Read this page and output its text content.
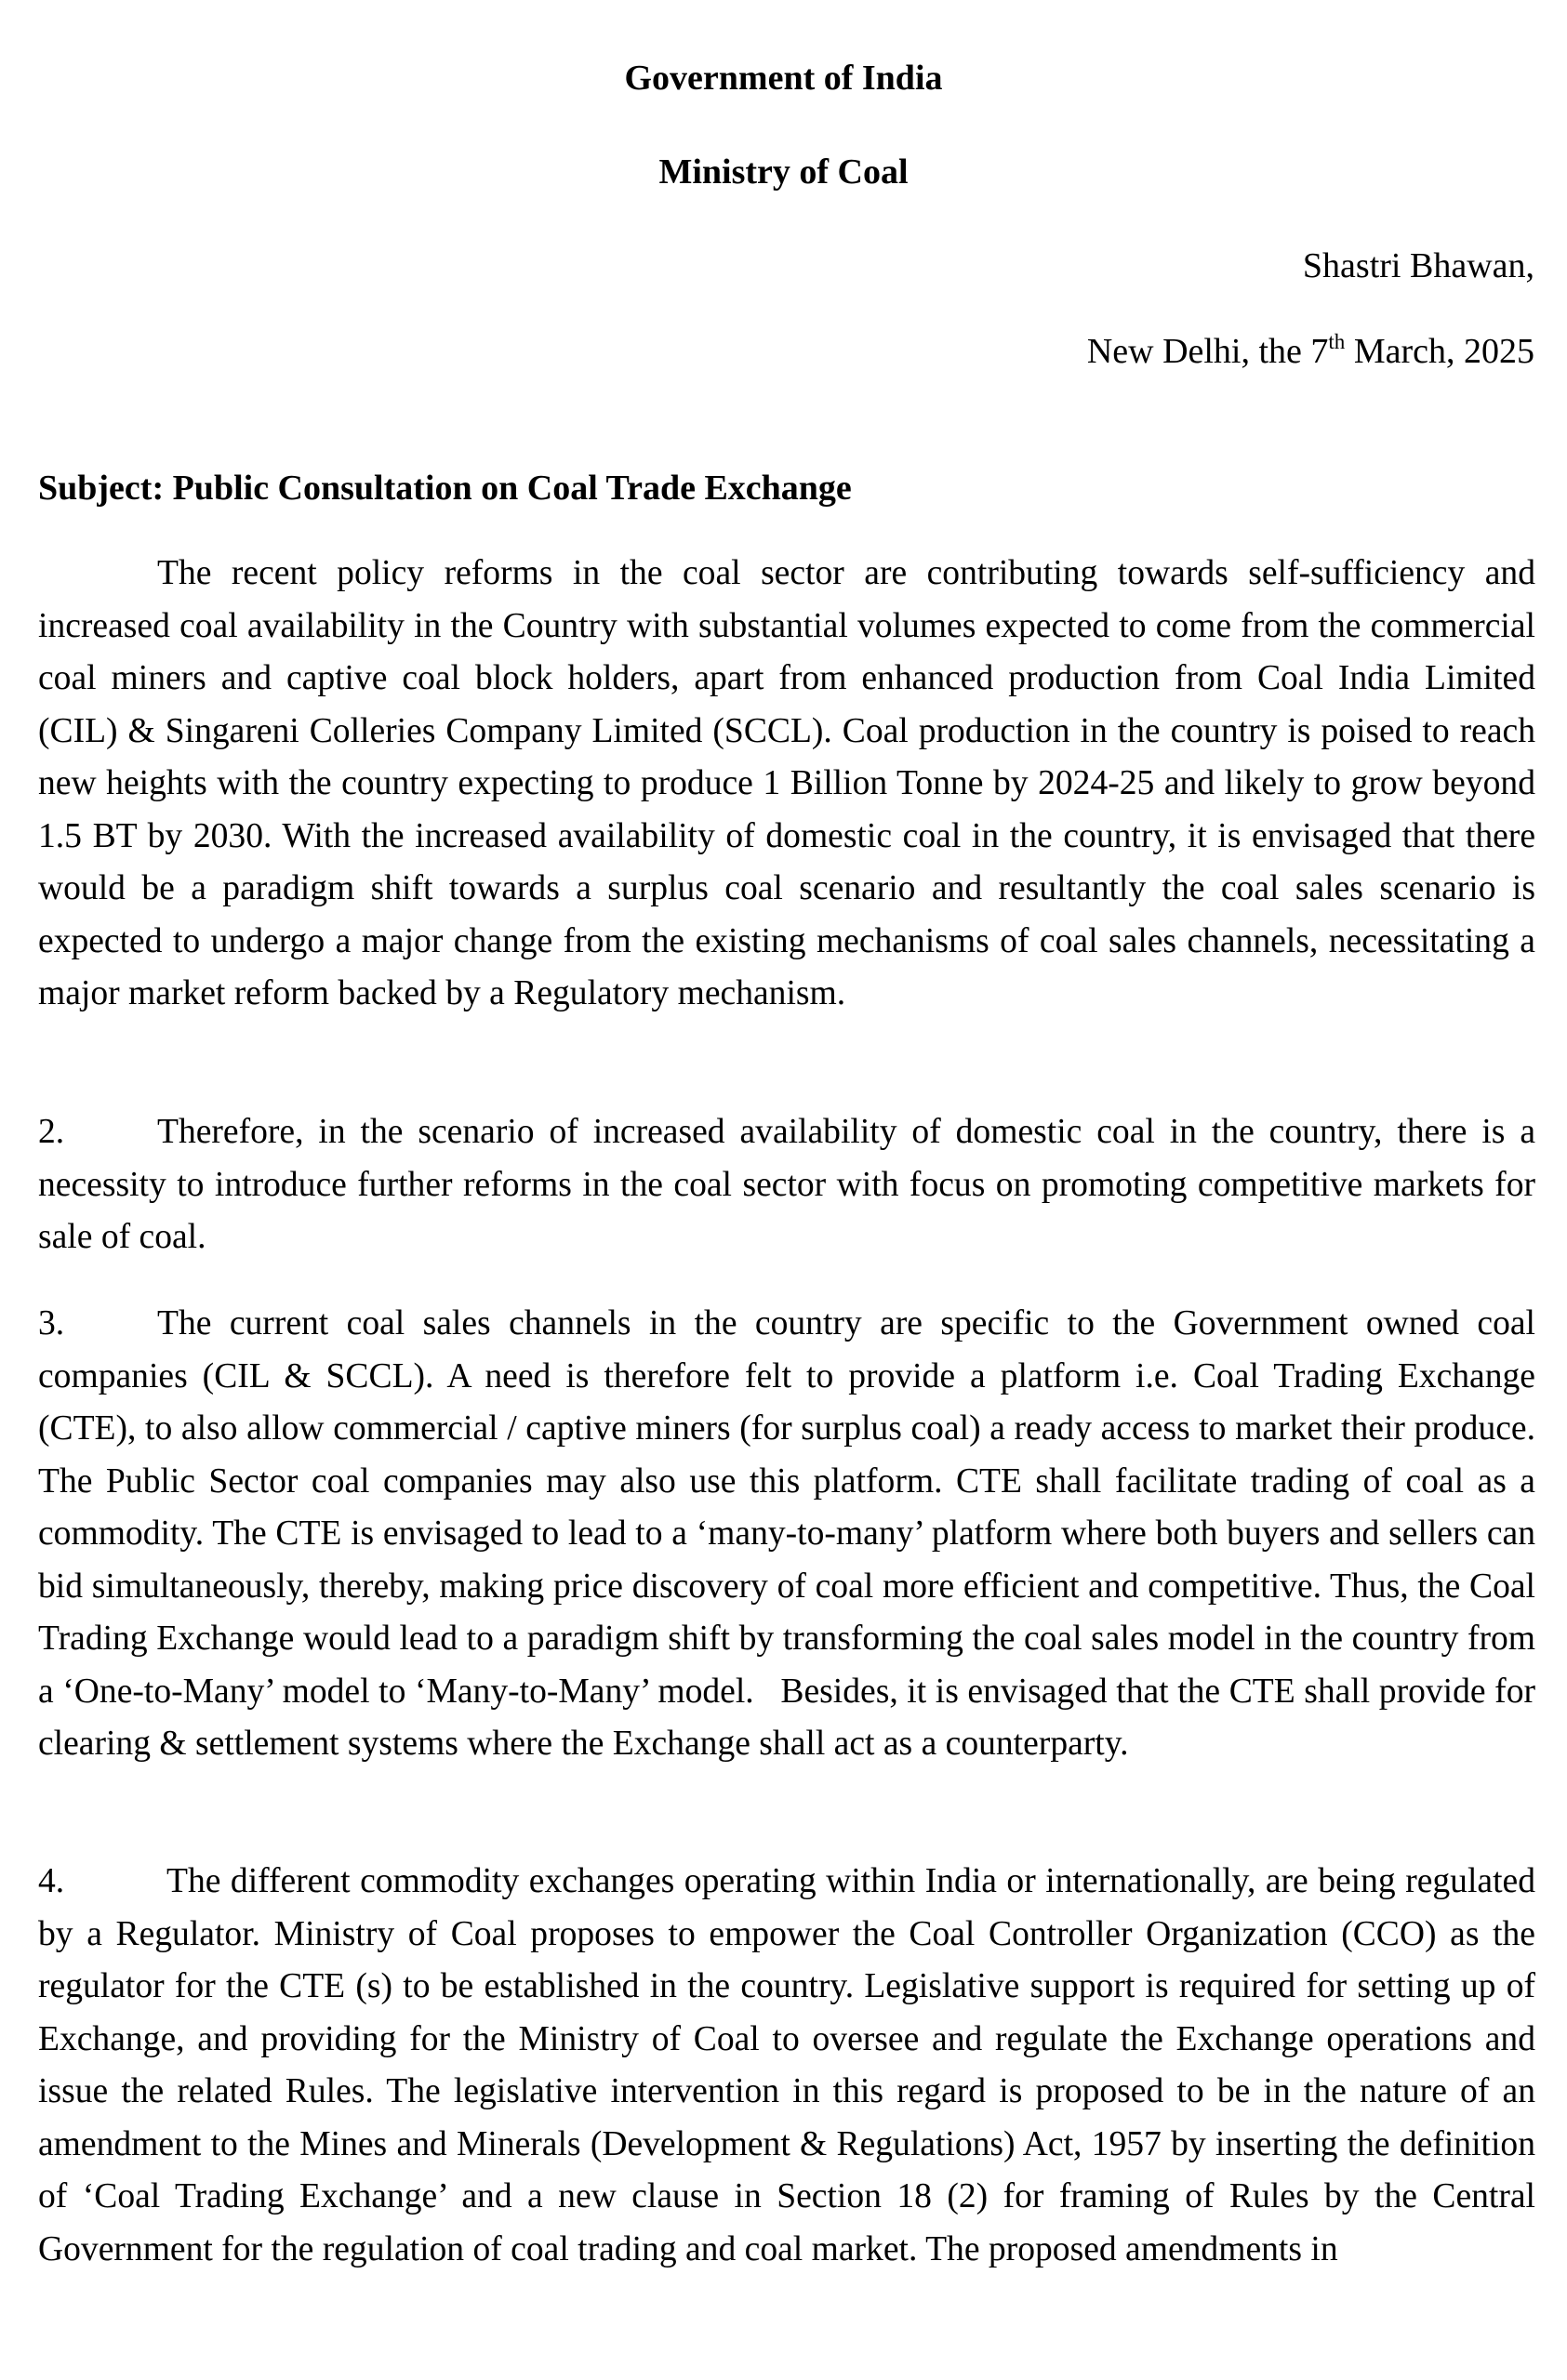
Government of India

Ministry of Coal

Shastri Bhawan,

New Delhi, the 7th March, 2025

Subject: Public Consultation on Coal Trade Exchange

The recent policy reforms in the coal sector are contributing towards self-sufficiency and increased coal availability in the Country with substantial volumes expected to come from the commercial coal miners and captive coal block holders, apart from enhanced production from Coal India Limited (CIL) & Singareni Colleries Company Limited (SCCL). Coal production in the country is poised to reach new heights with the country expecting to produce 1 Billion Tonne by 2024-25 and likely to grow beyond 1.5 BT by 2030. With the increased availability of domestic coal in the country, it is envisaged that there would be a paradigm shift towards a surplus coal scenario and resultantly the coal sales scenario is expected to undergo a major change from the existing mechanisms of coal sales channels, necessitating a major market reform backed by a Regulatory mechanism.

2.	Therefore, in the scenario of increased availability of domestic coal in the country, there is a necessity to introduce further reforms in the coal sector with focus on promoting competitive markets for sale of coal.

3.	The current coal sales channels in the country are specific to the Government owned coal companies (CIL & SCCL). A need is therefore felt to provide a platform i.e. Coal Trading Exchange (CTE), to also allow commercial / captive miners (for surplus coal) a ready access to market their produce. The Public Sector coal companies may also use this platform. CTE shall facilitate trading of coal as a commodity. The CTE is envisaged to lead to a ‘many-to-many’ platform where both buyers and sellers can bid simultaneously, thereby, making price discovery of coal more efficient and competitive. Thus, the Coal Trading Exchange would lead to a paradigm shift by transforming the coal sales model in the country from a ‘One-to-Many’ model to ‘Many-to-Many’ model.   Besides, it is envisaged that the CTE shall provide for clearing & settlement systems where the Exchange shall act as a counterparty.

4.	The different commodity exchanges operating within India or internationally, are being regulated by a Regulator. Ministry of Coal proposes to empower the Coal Controller Organization (CCO) as the regulator for the CTE (s) to be established in the country. Legislative support is required for setting up of Exchange, and providing for the Ministry of Coal to oversee and regulate the Exchange operations and issue the related Rules. The legislative intervention in this regard is proposed to be in the nature of an amendment to the Mines and Minerals (Development & Regulations) Act, 1957 by inserting the definition of ‘Coal Trading Exchange’ and a new clause in Section 18 (2) for framing of Rules by the Central Government for the regulation of coal trading and coal market. The proposed amendments in
